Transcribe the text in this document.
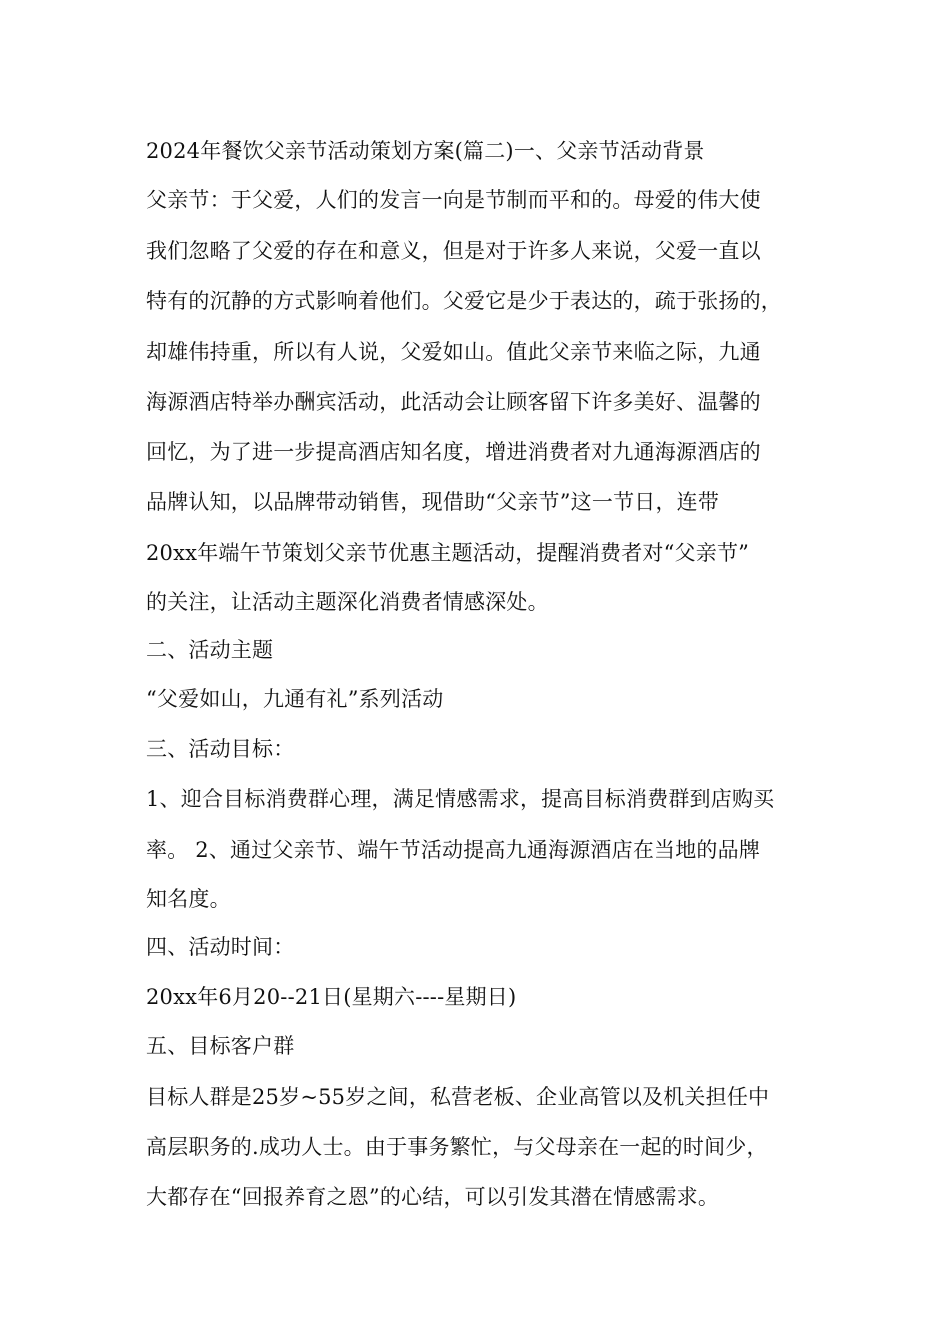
2024年餐饮父亲节活动策划方案(篇二)一、父亲节活动背景
父亲节：于父爱，人们的发言一向是节制而平和的。母爱的伟大使
我们忽略了父爱的存在和意义，但是对于许多人来说，父爱一直以
特有的沉静的方式影响着他们。父爱它是少于表达的，疏于张扬的，
却雄伟持重，所以有人说，父爱如山。值此父亲节来临之际，九通
海源酒店特举办酬宾活动，此活动会让顾客留下许多美好、温馨的
回忆，为了进一步提高酒店知名度，增进消费者对九通海源酒店的
品牌认知，以品牌带动销售，现借助“父亲节”这一节日，连带
20xx年端午节策划父亲节优惠主题活动，提醒消费者对“父亲节”
的关注，让活动主题深化消费者情感深处。
二、活动主题
“父爱如山，九通有礼”系列活动
三、活动目标：
1、迎合目标消费群心理，满足情感需求，提高目标消费群到店购买
率。 2、通过父亲节、端午节活动提高九通海源酒店在当地的品牌
知名度。
四、活动时间：
20xx年6月20--21日(星期六----星期日)
五、目标客户群
目标人群是25岁~55岁之间，私营老板、企业高管以及机关担任中
高层职务的.成功人士。由于事务繁忙，与父母亲在一起的时间少，
大都存在“回报养育之恩”的心结，可以引发其潜在情感需求。
